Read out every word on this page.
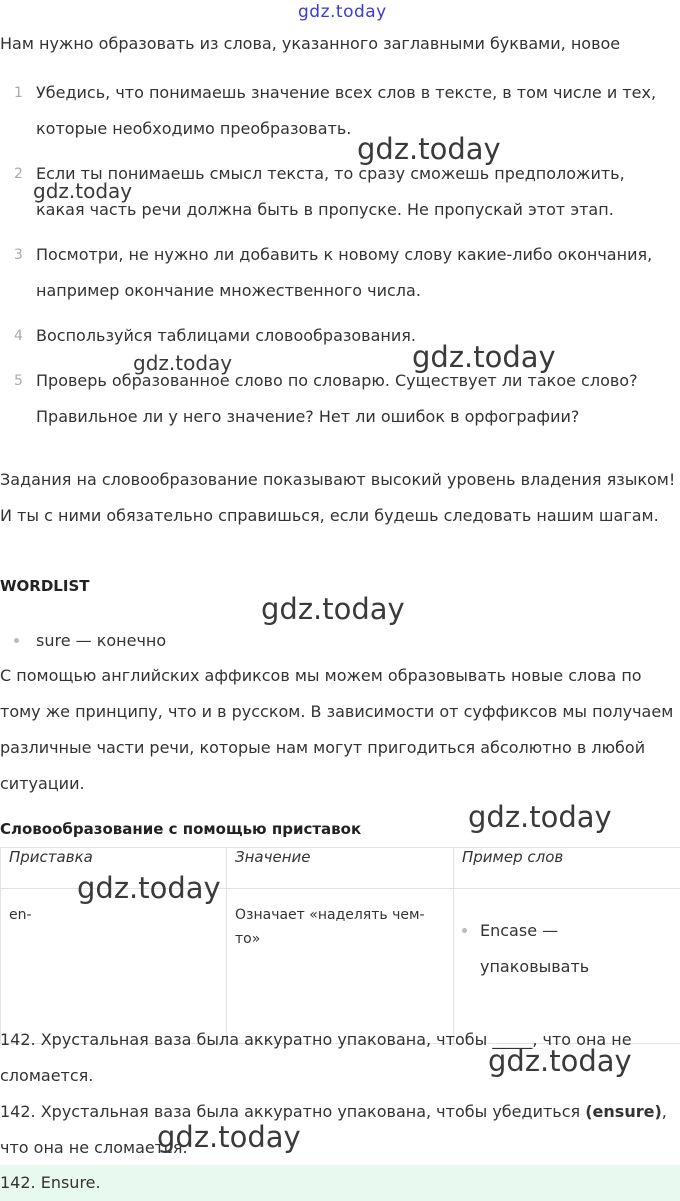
gdz.today
Нам нужно образовать из слова, указанного заглавными буквами, новое
1 Убедись, что понимаешь значение всех слов в тексте, в том числе и тех, которые необходимо преобразовать.
2 Если ты понимаешь смысл текста, то сразу сможешь предположить, какая часть речи должна быть в пропуске. Не пропускай этот этап.
3 Посмотри, не нужно ли добавить к новому слову какие-либо окончания, например окончание множественного числа.
4 Воспользуйся таблицами словообразования.
5 Проверь образованное слово по словарю. Существует ли такое слово? Правильное ли у него значение? Нет ли ошибок в орфографии?
Задания на словообразование показывают высокий уровень владения языком! И ты с ними обязательно справишься, если будешь следовать нашим шагам.
WORDLIST
sure — конечно
С помощью английских аффиксов мы можем образовывать новые слова по тому же принципу, что и в русском. В зависимости от суффиксов мы получаем различные части речи, которые нам могут пригодиться абсолютно в любой ситуации.
Словообразование с помощью приставок
Приставка	Значение	Пример слов
en-	Означает «наделять чем-то»	Encase — упаковывать
142. Хрустальная ваза была аккуратно упакована, чтобы _____, что она не сломается.
142. Хрустальная ваза была аккуратно упакована, чтобы убедиться (ensure), что она не сломается.
142. Ensure.
gdz.today
gdz.today
gdz.today	gdz.today
gdz.today
gdz.today
gdz.today
gdz.today
gdz.today
